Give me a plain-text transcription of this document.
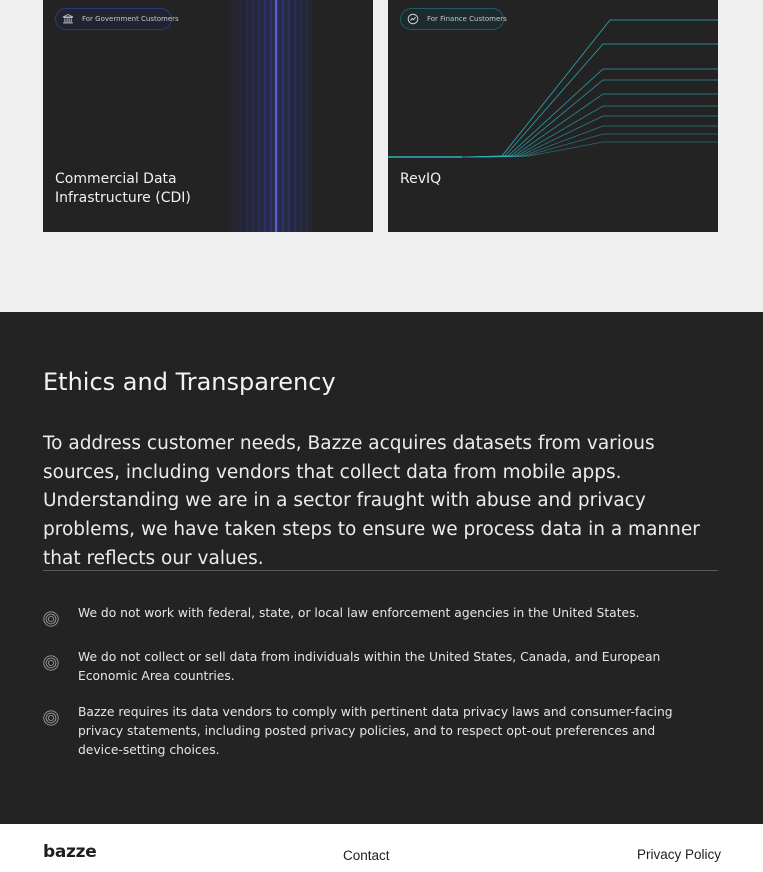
For Government Customers
Commercial Data
Infrastructure (CDI)
For Finance Customers
RevIQ
Ethics and Transparency

To address customer needs, Bazze acquires datasets from various sources, including vendors that collect data from mobile apps. Understanding we are in a sector fraught with abuse and privacy problems, we have taken steps to ensure we process data in a manner that reflects our values.

We do not work with federal, state, or local law enforcement agencies in the United States.
We do not collect or sell data from individuals within the United States, Canada, and European Economic Area countries.
Bazze requires its data vendors to comply with pertinent data privacy laws and consumer-facing privacy statements, including posted privacy policies, and to respect opt-out preferences and device-setting choices.
bazze	Contact	Privacy Policy
